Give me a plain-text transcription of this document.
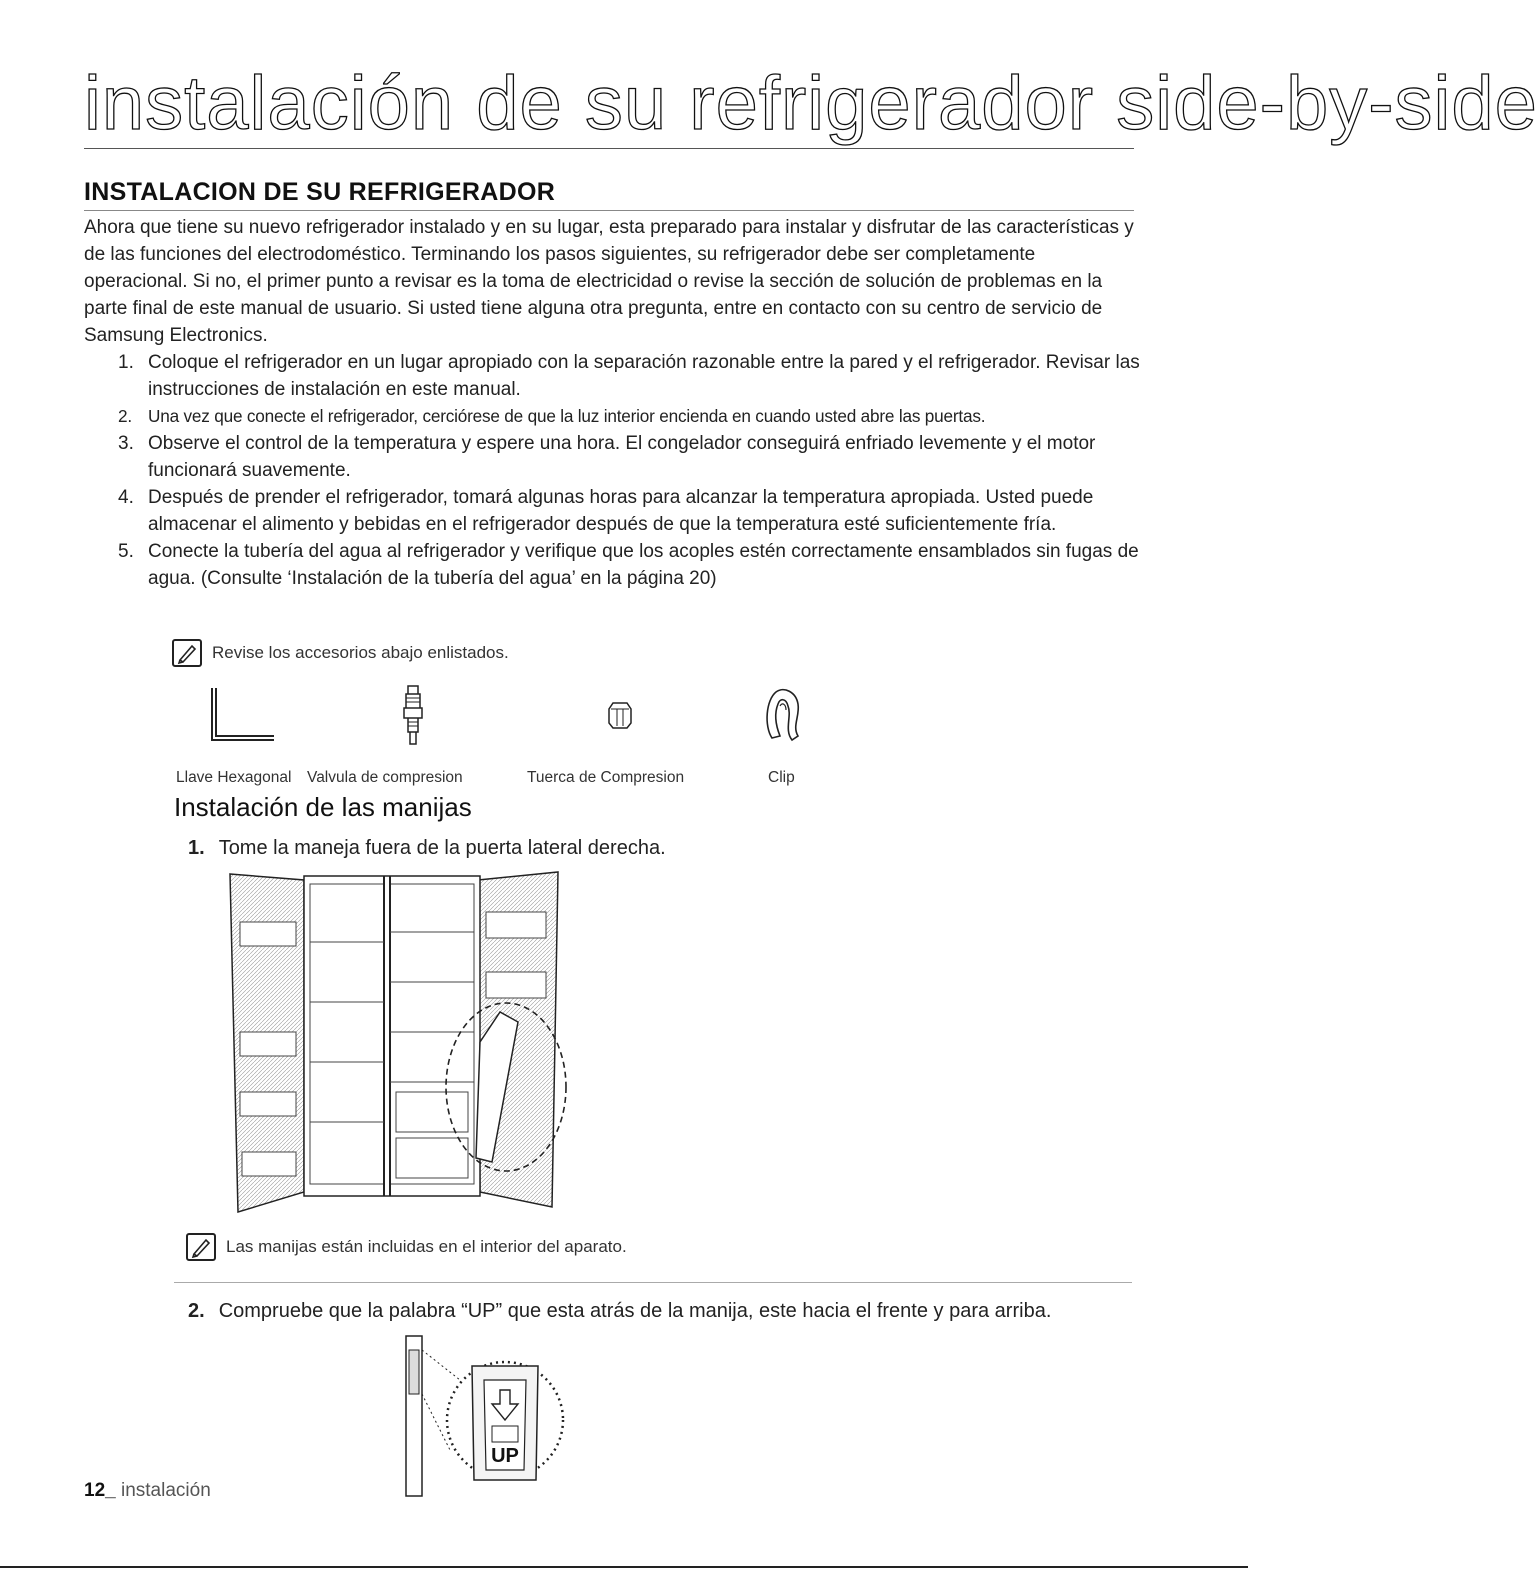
instalación de su refrigerador side-by-side
INSTALACION DE SU REFRIGERADOR

Ahora que tiene su nuevo refrigerador instalado y en su lugar, esta preparado para instalar y disfrutar de las características y de las funciones del electrodoméstico. Terminando los pasos siguientes, su refrigerador debe ser completamente operacional. Si no, el primer punto a revisar es la toma de electricidad o revise la sección de solución de problemas en la parte final de este manual de usuario. Si usted tiene alguna otra pregunta, entre en contacto con su centro de servicio de Samsung Electronics.

1. Coloque el refrigerador en un lugar apropiado con la separación razonable entre la pared y el refrigerador. Revisar las instrucciones de instalación en este manual.
2. Una vez que conecte el refrigerador, cerciórese de que la luz interior encienda en cuando usted abre las puertas.
3. Observe el control de la temperatura y espere una hora. El congelador conseguirá enfriado levemente y el motor funcionará suavemente.
4. Después de prender el refrigerador, tomará algunas horas para alcanzar la temperatura apropiada. Usted puede almacenar el alimento y bebidas en el refrigerador después de que la temperatura esté suficientemente fría.
5. Conecte la tubería del agua al refrigerador y verifique que los acoples estén correctamente ensamblados sin fugas de agua. (Consulte ‘Instalación de la tubería del agua’ en la página 20)
Revise los accesorios abajo enlistados.
Llave Hexagonal Valvula de compresion	Tuerca de Compresion	Clip
Instalación de las manijas
1. Tome la maneja fuera de la puerta lateral derecha.
Las manijas están incluidas en el interior del aparato.
2. Compruebe que la palabra “UP” que esta atrás de la manija, este hacia el frente y para arriba.
UP
12_ instalación
